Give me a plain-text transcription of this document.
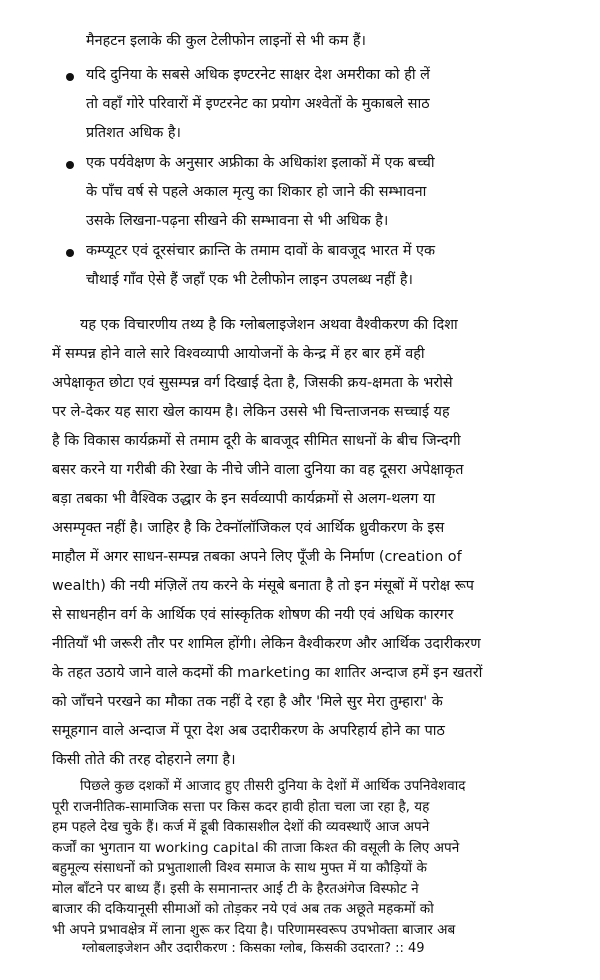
मैनहटन इलाके की कुल टेलीफोन लाइनों से भी कम हैं।
यदि दुनिया के सबसे अधिक इण्टरनेट साक्षर देश अमरीका को ही लें
तो वहाँ गोरे परिवारों में इण्टरनेट का प्रयोग अश्वेतों के मुकाबले साठ
प्रतिशत अधिक है।
एक पर्यवेक्षण के अनुसार अफ्रीका के अधिकांश इलाकों में एक बच्ची
के पाँच वर्ष से पहले अकाल मृत्यु का शिकार हो जाने की सम्भावना
उसके लिखना-पढ़ना सीखने की सम्भावना से भी अधिक है।
कम्प्यूटर एवं दूरसंचार क्रान्ति के तमाम दावों के बावजूद भारत में एक
चौथाई गाँव ऐसे हैं जहाँ एक भी टेलीफोन लाइन उपलब्ध नहीं है।
यह एक विचारणीय तथ्य है कि ग्लोबलाइजेशन अथवा वैश्वीकरण की दिशा
में सम्पन्न होने वाले सारे विश्वव्यापी आयोजनों के केन्द्र में हर बार हमें वही
अपेक्षाकृत छोटा एवं सुसम्पन्न वर्ग दिखाई देता है, जिसकी क्रय-क्षमता के भरोसे
पर ले-देकर यह सारा खेल कायम है। लेकिन उससे भी चिन्ताजनक सच्चाई यह
है कि विकास कार्यक्रमों से तमाम दूरी के बावजूद सीमित साधनों के बीच जिन्दगी
बसर करने या गरीबी की रेखा के नीचे जीने वाला दुनिया का वह दूसरा अपेक्षाकृत
बड़ा तबका भी वैश्विक उद्धार के इन सर्वव्यापी कार्यक्रमों से अलग-थलग या
असम्पृक्त नहीं है। जाहिर है कि टेक्नॉलॉजिकल एवं आर्थिक ध्रुवीकरण के इस
माहौल में अगर साधन-सम्पन्न तबका अपने लिए पूँजी के निर्माण (creation of
wealth) की नयी मंज़िलें तय करने के मंसूबे बनाता है तो इन मंसूबों में परोक्ष रूप
से साधनहीन वर्ग के आर्थिक एवं सांस्कृतिक शोषण की नयी एवं अधिक कारगर
नीतियाँ भी जरूरी तौर पर शामिल होंगी। लेकिन वैश्वीकरण और आर्थिक उदारीकरण
के तहत उठाये जाने वाले कदमों की marketing का शातिर अन्दाज हमें इन खतरों
को जाँचने परखने का मौका तक नहीं दे रहा है और 'मिले सुर मेरा तुम्हारा' के
समूहगान वाले अन्दाज में पूरा देश अब उदारीकरण के अपरिहार्य होने का पाठ
किसी तोते की तरह दोहराने लगा है।
पिछले कुछ दशकों में आजाद हुए तीसरी दुनिया के देशों में आर्थिक उपनिवेशवाद
पूरी राजनीतिक-सामाजिक सत्ता पर किस कदर हावी होता चला जा रहा है, यह
हम पहले देख चुके हैं। कर्ज में डूबी विकासशील देशों की व्यवस्थाएँ आज अपने
कर्जों का भुगतान या working capital की ताजा किश्त की वसूली के लिए अपने
बहुमूल्य संसाधनों को प्रभुताशाली विश्व समाज के साथ मुफ्त में या कौड़ियों के
मोल बाँटने पर बाध्य हैं। इसी के समानान्तर आई टी के हैरतअंगेज विस्फोट ने
बाजार की दकियानूसी सीमाओं को तोड़कर नये एवं अब तक अछूते महकमों को
भी अपने प्रभावक्षेत्र में लाना शुरू कर दिया है। परिणामस्वरूप उपभोक्ता बाजार अब
ग्लोबलाइजेशन और उदारीकरण : किसका ग्लोब, किसकी उदारता? :: 49
